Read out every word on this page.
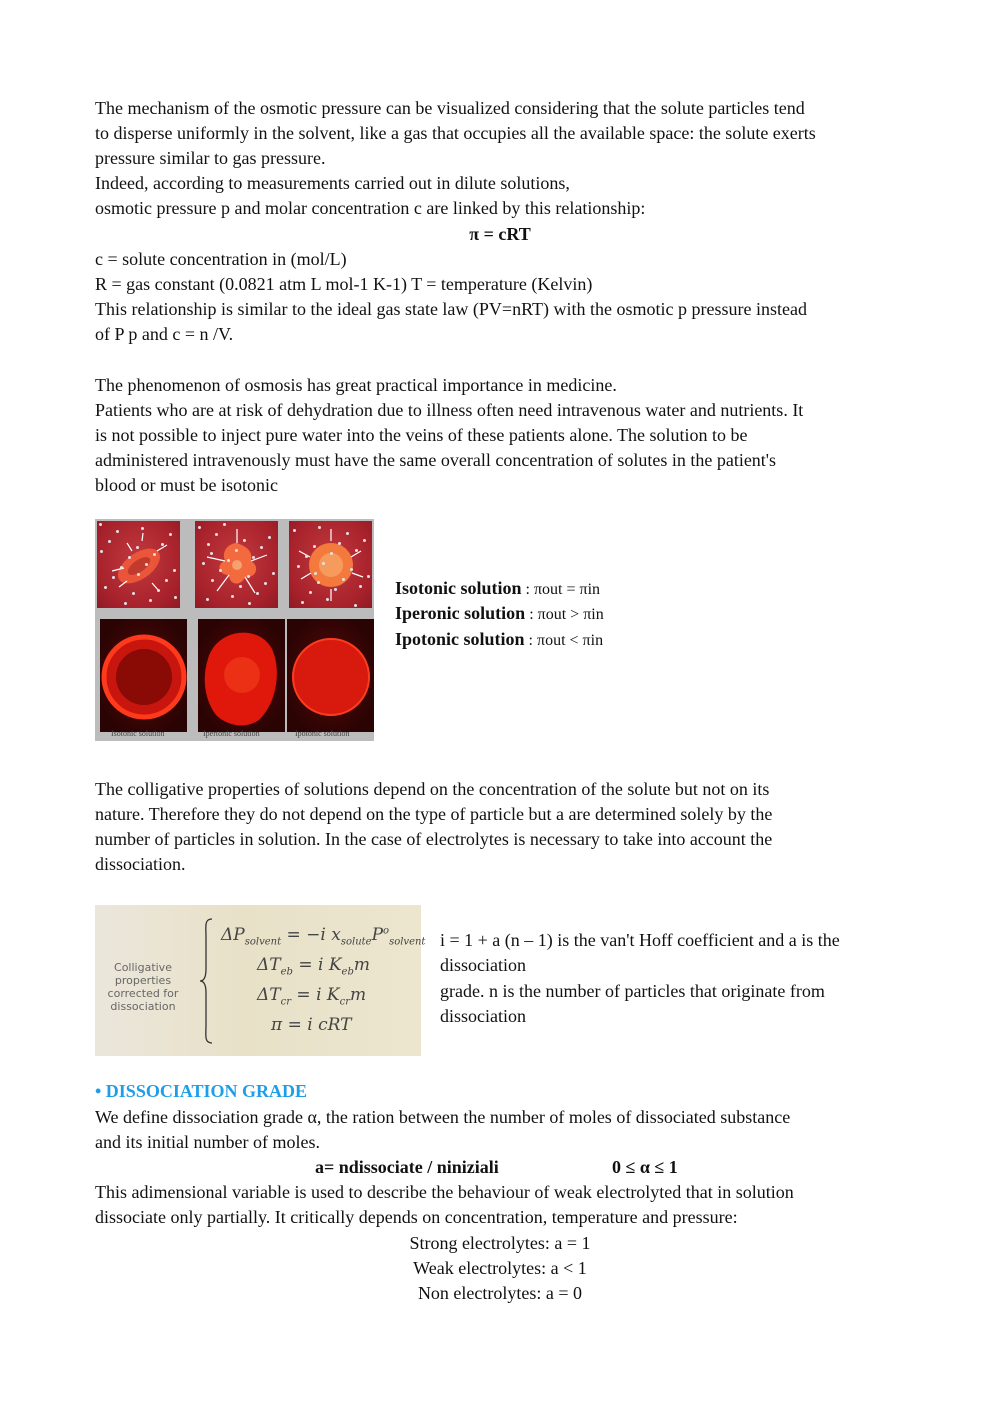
The mechanism of the osmotic pressure can be visualized considering that the solute particles tend
to disperse uniformly in the solvent, like a gas that occupies all the available space: the solute exerts
pressure similar to gas pressure.
Indeed, according to measurements carried out in dilute solutions,
osmotic pressure p and molar concentration c are linked by this relationship:
π = cRT
c = solute concentration in (mol/L)
R = gas constant (0.0821 atm L mol-1 K-1) T = temperature (Kelvin)
This relationship is similar to the ideal gas state law (PV=nRT) with the osmotic p pressure instead
of P p and c = n /V.
The phenomenon of osmosis has great practical importance in medicine.
Patients who are at risk of dehydration due to illness often need intravenous water and nutrients. It
is not possible to inject pure water into the veins of these patients alone. The solution to be
administered intravenously must have the same overall concentration of solutes in the patient's
blood or must be isotonic
Isotonic solution	Ipertonic solution	Ipotonic solution
Isotonic solution : πout = πin
Iperonic solution : πout > πin
Ipotonic solution : πout < πin
The colligative properties of solutions depend on the concentration of the solute but not on its
nature. Therefore they do not depend on the type of particle but a are determined solely by the
number of particles in solution. In the case of electrolytes is necessary to take into account the
dissociation.
Colligative
properties
corrected for
dissociation
$\Delta P_{solvent} = -i$ $x_{solute}P^o_{solvent}$
$\Delta T_{eb} = i$ $K_{eb}m$
$\Delta T_{cr} = i$ $K_{cr}m$
π = i cRT
i = 1 + a (n – 1) is the van't Hoff coefficient and a is the
dissociation
grade. n is the number of particles that originate from
dissociation
• DISSOCIATION GRADE
We define dissociation grade α, the ration between the number of moles of dissociated substance
and its initial number of moles.
a= ndissociate / niniziali	0 ≤ α ≤ 1
This adimensional variable is used to describe the behaviour of weak electrolyted that in solution
dissociate only partially. It critically depends on concentration, temperature and pressure:
Strong electrolytes: a = 1
Weak electrolytes: a < 1
Non electrolytes: a = 0
